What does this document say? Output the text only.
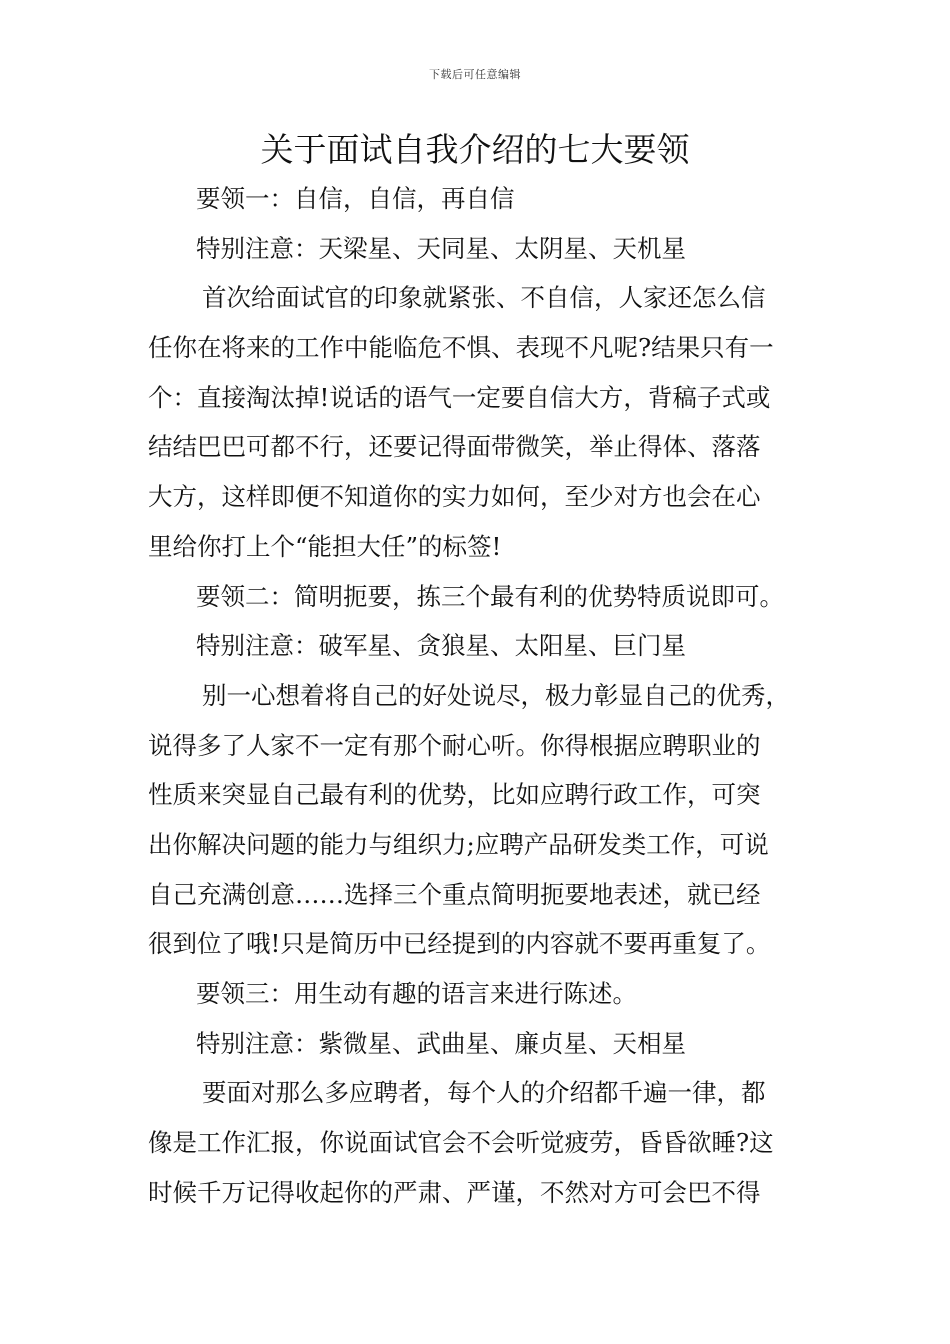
下载后可任意编辑
关于面试自我介绍的七大要领
要领一：自信，自信，再自信
特别注意：天梁星、天同星、太阴星、天机星
首次给面试官的印象就紧张、不自信，人家还怎么信
任你在将来的工作中能临危不惧、表现不凡呢?结果只有一
个：直接淘汰掉!说话的语气一定要自信大方，背稿子式或
结结巴巴可都不行，还要记得面带微笑，举止得体、落落
大方，这样即便不知道你的实力如何，至少对方也会在心
里给你打上个“能担大任”的标签!
要领二：简明扼要，拣三个最有利的优势特质说即可。
特别注意：破军星、贪狼星、太阳星、巨门星
别一心想着将自己的好处说尽，极力彰显自己的优秀，
说得多了人家不一定有那个耐心听。你得根据应聘职业的
性质来突显自己最有利的优势，比如应聘行政工作，可突
出你解决问题的能力与组织力;应聘产品研发类工作，可说
自己充满创意……选择三个重点简明扼要地表述，就已经
很到位了哦!只是简历中已经提到的内容就不要再重复了。
要领三：用生动有趣的语言来进行陈述。
特别注意：紫微星、武曲星、廉贞星、天相星
要面对那么多应聘者，每个人的介绍都千遍一律，都
像是工作汇报，你说面试官会不会听觉疲劳，昏昏欲睡?这
时候千万记得收起你的严肃、严谨，不然对方可会巴不得
